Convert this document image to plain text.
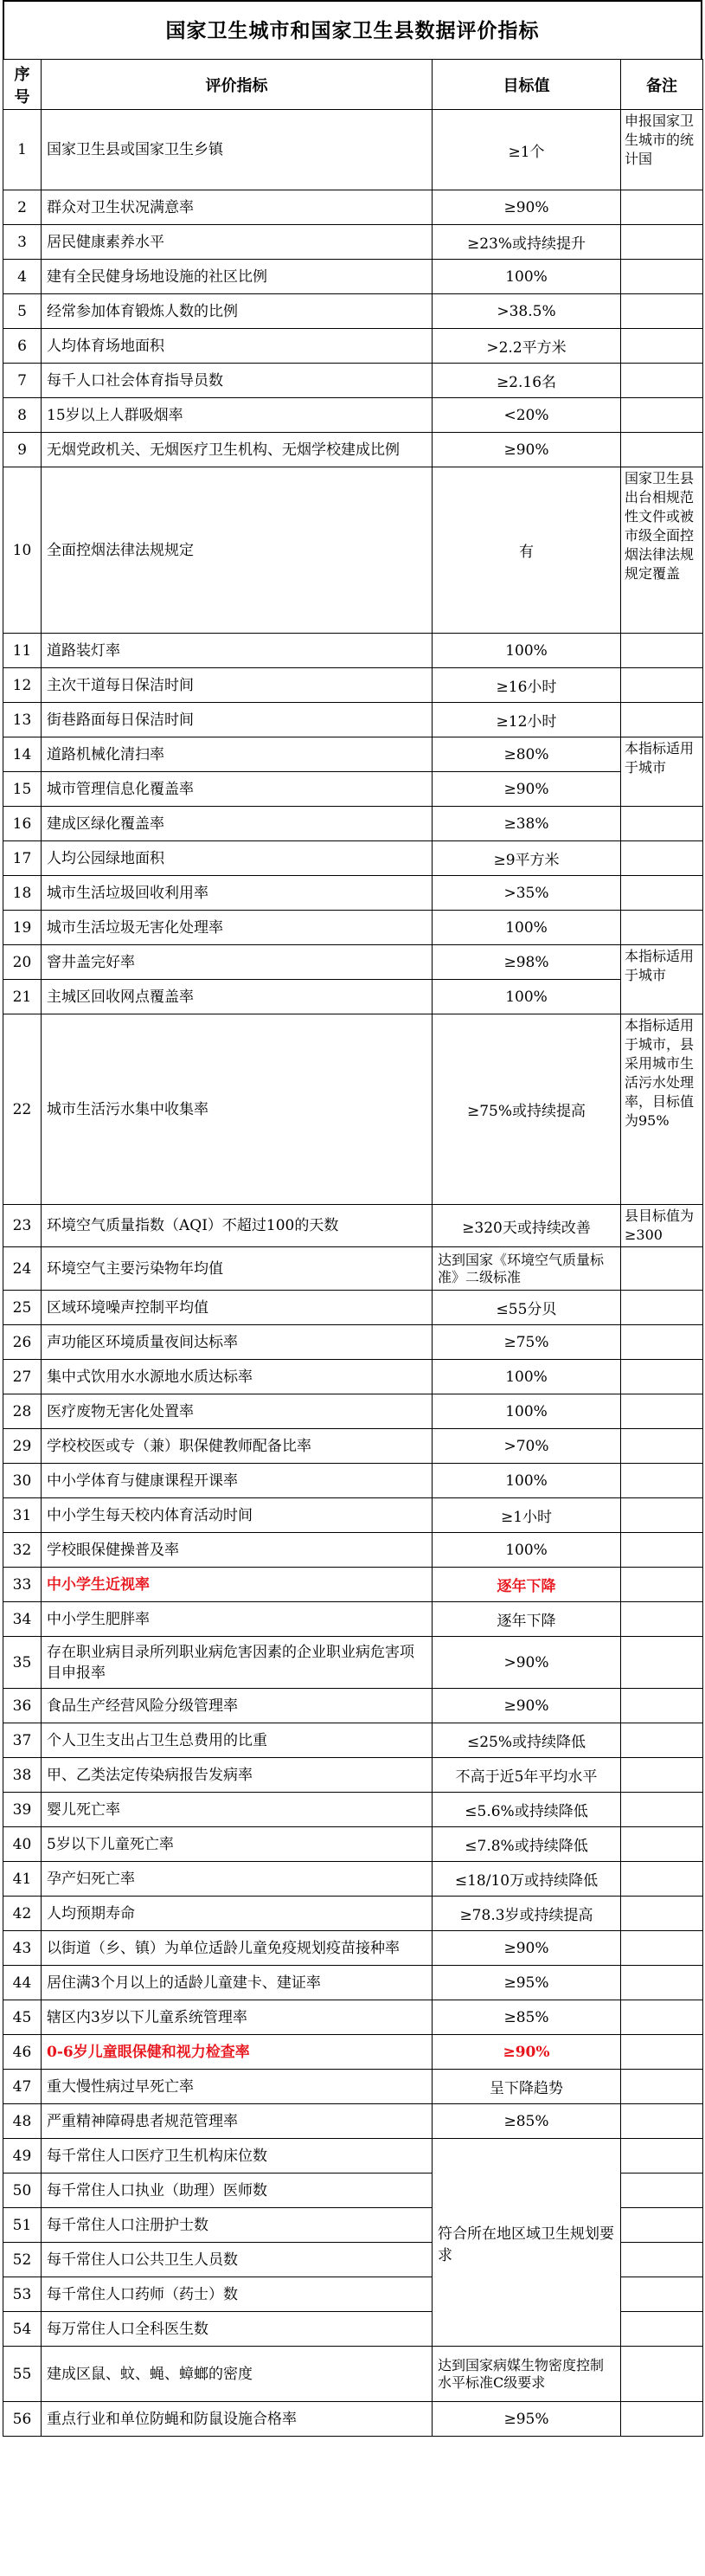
国家卫生城市和国家卫生县数据评价指标
序号	评价指标	目标值	备注
1	国家卫生县或国家卫生乡镇	≥1个	申报国家卫生城市的统计国
2	群众对卫生状况满意率	≥90%	
3	居民健康素养水平	≥23%或持续提升	
4	建有全民健身场地设施的社区比例	100%	
5	经常参加体育锻炼人数的比例	>38.5%	
6	人均体育场地面积	>2.2平方米	
7	每千人口社会体育指导员数	≥2.16名	
8	15岁以上人群吸烟率	<20%	
9	无烟党政机关、无烟医疗卫生机构、无烟学校建成比例	≥90%	
10	全面控烟法律法规规定	有	国家卫生县出台相规范性文件或被市级全面控烟法律法规规定覆盖
11	道路装灯率	100%	
12	主次干道每日保洁时间	≥16小时	
13	街巷路面每日保洁时间	≥12小时	
14	道路机械化清扫率	≥80%	本指标适用于城市
15	城市管理信息化覆盖率	≥90%	
16	建成区绿化覆盖率	≥38%	
17	人均公园绿地面积	≥9平方米	
18	城市生活垃圾回收利用率	>35%	
19	城市生活垃圾无害化处理率	100%	
20	窨井盖完好率	≥98%	本指标适用于城市
21	主城区回收网点覆盖率	100%	
22	城市生活污水集中收集率	≥75%或持续提高	本指标适用于城市，县采用城市生活污水处理率，目标值为95%
23	环境空气质量指数（AQI）不超过100的天数	≥320天或持续改善	县目标值为≥300
24	环境空气主要污染物年均值	达到国家《环境空气质量标准》二级标准	
25	区域环境噪声控制平均值	≤55分贝	
26	声功能区环境质量夜间达标率	≥75%	
27	集中式饮用水水源地水质达标率	100%	
28	医疗废物无害化处置率	100%	
29	学校校医或专（兼）职保健教师配备比率	>70%	
30	中小学体育与健康课程开课率	100%	
31	中小学生每天校内体育活动时间	≥1小时	
32	学校眼保健操普及率	100%	
33	中小学生近视率	逐年下降	
34	中小学生肥胖率	逐年下降	
35	存在职业病目录所列职业病危害因素的企业职业病危害项目申报率	>90%	
36	食品生产经营风险分级管理率	≥90%	
37	个人卫生支出占卫生总费用的比重	≤25%或持续降低	
38	甲、乙类法定传染病报告发病率	不高于近5年平均水平	
39	婴儿死亡率	≤5.6%或持续降低	
40	5岁以下儿童死亡率	≤7.8%或持续降低	
41	孕产妇死亡率	≤18/10万或持续降低	
42	人均预期寿命	≥78.3岁或持续提高	
43	以街道（乡、镇）为单位适龄儿童免疫规划疫苗接种率	≥90%	
44	居住满3个月以上的适龄儿童建卡、建证率	≥95%	
45	辖区内3岁以下儿童系统管理率	≥85%	
46	0-6岁儿童眼保健和视力检查率	≥90%	
47	重大慢性病过早死亡率	呈下降趋势	
48	严重精神障碍患者规范管理率	≥85%	
49	每千常住人口医疗卫生机构床位数	符合所在地区域卫生规划要求	
50	每千常住人口执业（助理）医师数		

51	每千常住人口注册护士数		

52	每千常住人口公共卫生人员数		

53	每千常住人口药师（药士）数		

54	每万常住人口全科医生数		

55	建成区鼠、蚊、蝇、蟑螂的密度	达到国家病媒生物密度控制水平标准C级要求	
56	重点行业和单位防蝇和防鼠设施合格率	≥95%	
